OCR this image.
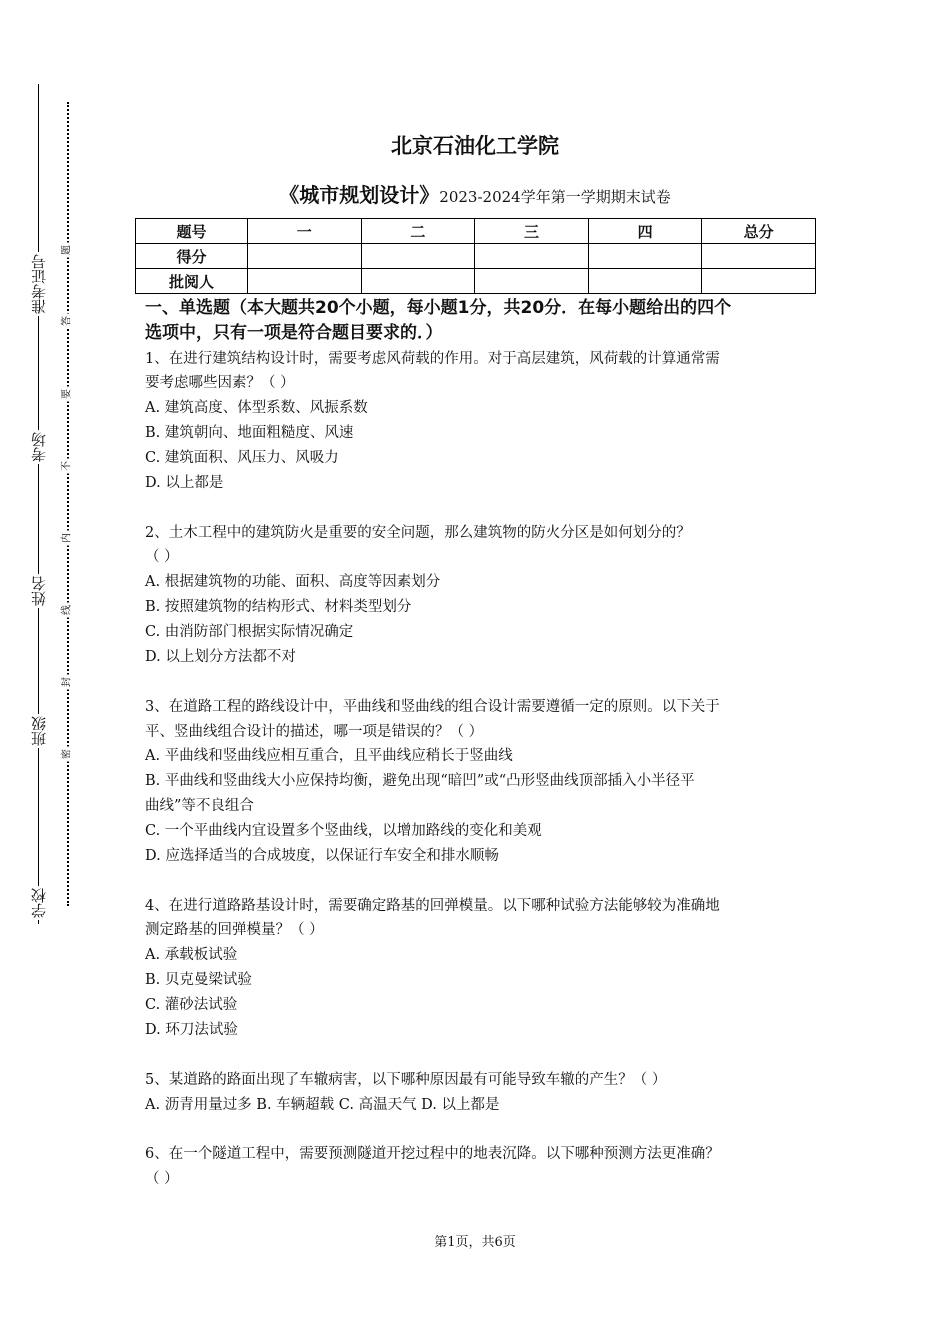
准考证号
考场
姓名
班级
学校
题
答
要
不
内
线
封
密
北京石油化工学院
《城市规划设计》2023-2024学年第一学期期末试卷
题号	一	二	三	四	总分
得分					
批阅人					
一、单选题（本大题共20个小题，每小题1分，共20分．在每小题给出的四个
选项中，只有一项是符合题目要求的．）
1、在进行建筑结构设计时，需要考虑风荷载的作用。对于高层建筑，风荷载的计算通常需
要考虑哪些因素？（ ）
A. 建筑高度、体型系数、风振系数
B. 建筑朝向、地面粗糙度、风速
C. 建筑面积、风压力、风吸力
D. 以上都是
2、土木工程中的建筑防火是重要的安全问题，那么建筑物的防火分区是如何划分的？
（ ）
A. 根据建筑物的功能、面积、高度等因素划分
B. 按照建筑物的结构形式、材料类型划分
C. 由消防部门根据实际情况确定
D. 以上划分方法都不对
3、在道路工程的路线设计中，平曲线和竖曲线的组合设计需要遵循一定的原则。以下关于
平、竖曲线组合设计的描述，哪一项是错误的？（ ）
A. 平曲线和竖曲线应相互重合，且平曲线应稍长于竖曲线
B. 平曲线和竖曲线大小应保持均衡，避免出现“暗凹”或“凸形竖曲线顶部插入小半径平
曲线”等不良组合
C. 一个平曲线内宜设置多个竖曲线，以增加路线的变化和美观
D. 应选择适当的合成坡度，以保证行车安全和排水顺畅
4、在进行道路路基设计时，需要确定路基的回弹模量。以下哪种试验方法能够较为准确地
测定路基的回弹模量？（ ）
A. 承载板试验
B. 贝克曼梁试验
C. 灌砂法试验
D. 环刀法试验
5、某道路的路面出现了车辙病害，以下哪种原因最有可能导致车辙的产生？（ ）
A. 沥青用量过多 B. 车辆超载 C. 高温天气 D. 以上都是
6、在一个隧道工程中，需要预测隧道开挖过程中的地表沉降。以下哪种预测方法更准确？
（ ）
第1页，共6页
